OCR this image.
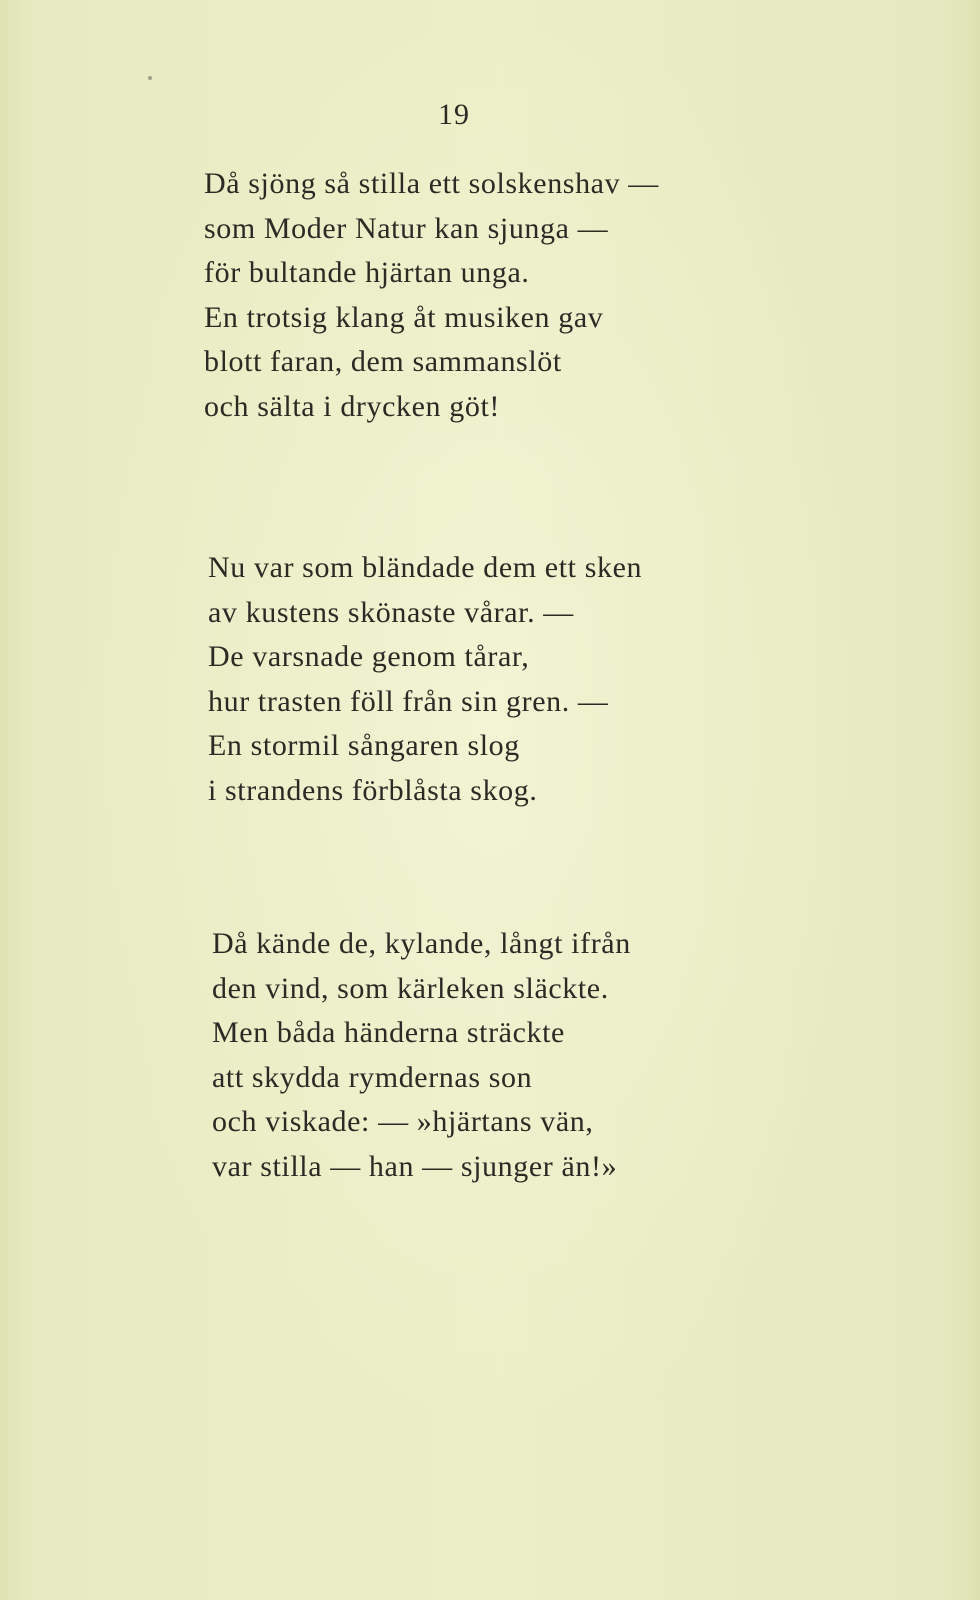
19

Då sjöng så stilla ett solskenshav —
som Moder Natur kan sjunga —
för bultande hjärtan unga.
En trotsig klang åt musiken gav
blott faran, dem sammanslöt
och sälta i drycken göt!
Nu var som bländade dem ett sken
av kustens skönaste vårar. —
De varsnade genom tårar,
hur trasten föll från sin gren. —
En stormil sångaren slog
i strandens förblåsta skog.
Då kände de, kylande, långt ifrån
den vind, som kärleken släckte.
Men båda händerna sträckte
att skydda rymdernas son
och viskade: — »hjärtans vän,
var stilla — han — sjunger än!»
